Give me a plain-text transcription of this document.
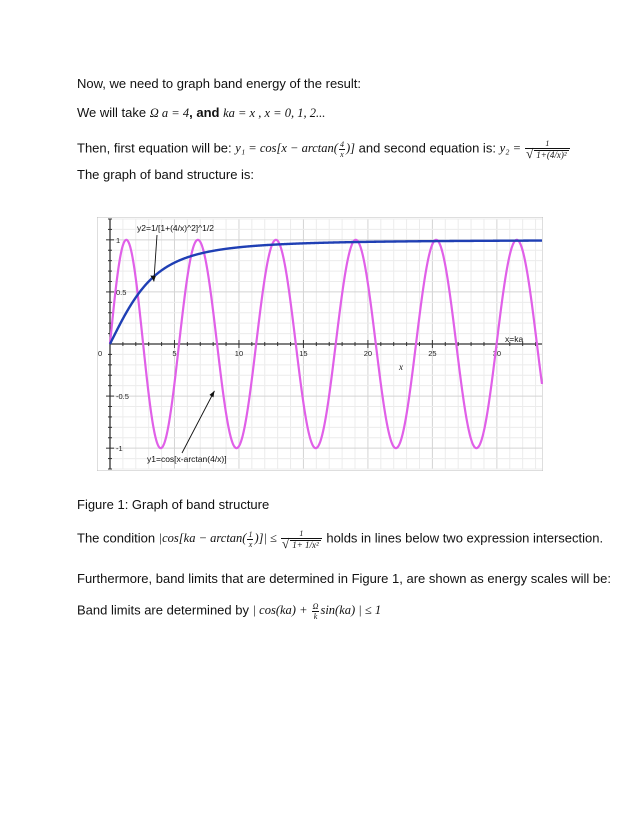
Now, we need to graph band energy of the result:
We will take Ω a = 4, and ka = x , x = 0, 1, 2...
Then, first equation will be: $y_1 = \cos[x - \arctan( \frac{4}{x}$ )] and second equation is: $y_2 = \frac{1}{\text{√ 1+(4/x)²}}$
The graph of band structure is:
0	5	10	15	20	25	30
1
0.5
-0.5
-1
x=ka
x
y2=1/[1+(4/x)^2]^1/2
y1=cos[x-arctan(4/x)]
Figure 1: Graph of band structure
The condition $|\cos[ka - \arctan( \frac{1}{x}$ )]| ≤ $\frac{1}{\text{√ 1+ 1/x²}}$ holds in lines below two expression intersection.
Furthermore, band limits that are determined in Figure 1, are shown as energy scales will be:
Band limits are determined by | $\cos(ka) + \frac{\Omega}{k} \sin(ka)$ | ≤ 1
